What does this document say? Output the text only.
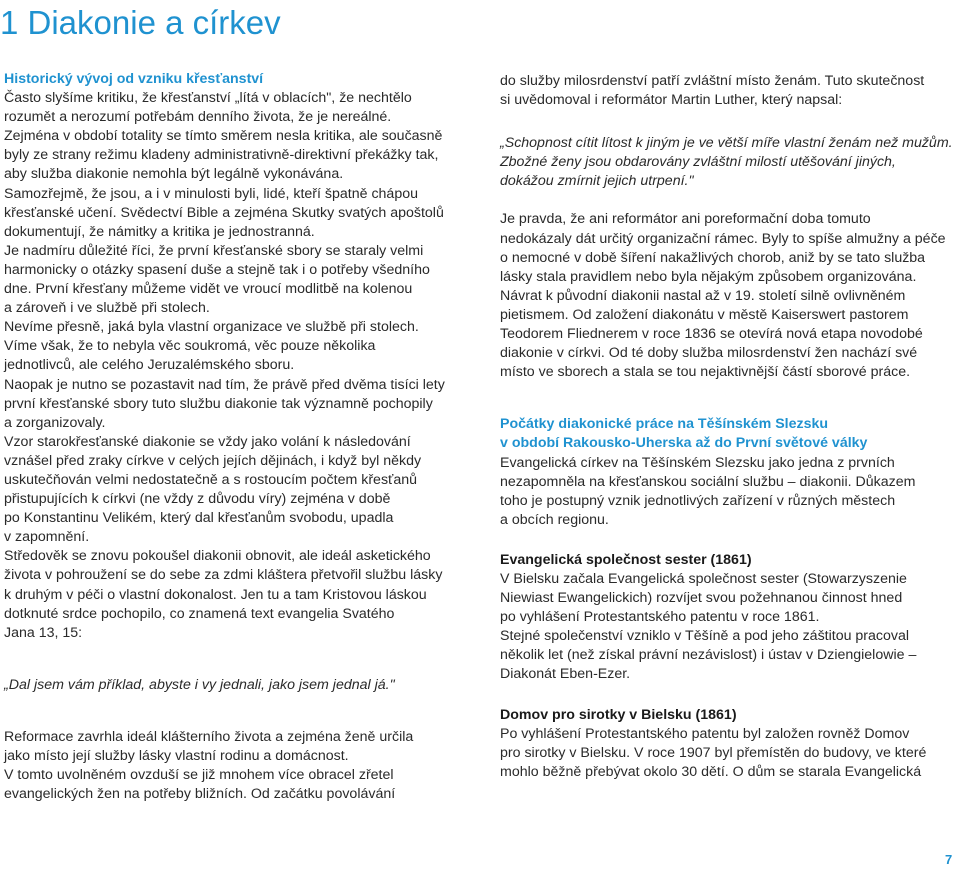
1 Diakonie a církev

Historický vývoj od vzniku křesťanství

Často slyšíme kritiku, že křesťanství „lítá v oblacích", že nechtělo

rozumět a nerozumí potřebám denního života, že je nereálné.

Zejména v období totality se tímto směrem nesla kritika, ale současně

byly ze strany režimu kladeny administrativně-direktivní překážky tak,

aby služba diakonie nemohla být legálně vykonávána.

Samozřejmě, že jsou, a i v minulosti byli, lidé, kteří špatně chápou

křesťanské učení. Svědectví Bible a zejména Skutky svatých apoštolů

dokumentují, že námitky a kritika je jednostranná.

Je nadmíru důležité říci, že první křesťanské sbory se staraly velmi

harmonicky o otázky spasení duše a stejně tak i o potřeby všedního

dne. První křesťany můžeme vidět ve vroucí modlitbě na kolenou

a zároveň i ve službě při stolech.

Nevíme přesně, jaká byla vlastní organizace ve službě při stolech.

Víme však, že to nebyla věc soukromá, věc pouze několika

jednotlivců, ale celého Jeruzalémského sboru.

Naopak je nutno se pozastavit nad tím, že právě před dvěma tisíci lety

první křesťanské sbory tuto službu diakonie tak významně pochopily

a zorganizovaly.

Vzor starokřesťanské diakonie se vždy jako volání k následování

vznášel před zraky církve v celých jejích dějinách, i když byl někdy

uskutečňován velmi nedostatečně a s rostoucím počtem křesťanů

přistupujících k církvi (ne vždy z důvodu víry) zejména v době

po Konstantinu Velikém, který dal křesťanům svobodu, upadla

v zapomnění.

Středověk se znovu pokoušel diakonii obnovit, ale ideál asketického

života v pohroužení se do sebe za zdmi kláštera přetvořil službu lásky

k druhým v péči o vlastní dokonalost. Jen tu a tam Kristovou láskou

dotknuté srdce pochopilo, co znamená text evangelia Svatého

Jana 13, 15:

„Dal jsem vám příklad, abyste i vy jednali, jako jsem jednal já."

Reformace zavrhla ideál klášterního života a zejména ženě určila

jako místo její služby lásky vlastní rodinu a domácnost.

V tomto uvolněném ovzduší se již mnohem více obracel zřetel

evangelických žen na potřeby bližních. Od začátku povolávání

do služby milosrdenství patří zvláštní místo ženám. Tuto skutečnost

si uvědomoval i reformátor Martin Luther, který napsal:

„Schopnost cítit lítost k jiným je ve větší míře vlastní ženám než mužům.

Zbožné ženy jsou obdarovány zvláštní milostí utěšování jiných,

dokážou zmírnit jejich utrpení."

Je pravda, že ani reformátor ani poreformační doba tomuto

nedokázaly dát určitý organizační rámec. Byly to spíše almužny a péče

o nemocné v době šíření nakažlivých chorob, aniž by se tato služba

lásky stala pravidlem nebo byla nějakým způsobem organizována.

Návrat k původní diakonii nastal až v 19. století silně ovlivněném

pietismem. Od založení diakonátu v městě Kaiserswert pastorem

Teodorem Fliednerem v roce 1836 se otevírá nová etapa novodobé

diakonie v církvi. Od té doby služba milosrdenství žen nachází své

místo ve sborech a stala se tou nejaktivnější částí sborové práce.

Počátky diakonické práce na Těšínském Slezsku

v období Rakousko-Uherska až do První světové války

Evangelická církev na Těšínském Slezsku jako jedna z prvních

nezapomněla na křesťanskou sociální službu – diakonii. Důkazem

toho je postupný vznik jednotlivých zařízení v různých městech

a obcích regionu.

Evangelická společnost sester (1861)

V Bielsku začala Evangelická společnost sester (Stowarzyszenie

Niewiast Ewangelickich) rozvíjet svou požehnanou činnost hned

po vyhlášení Protestantského patentu v roce 1861.

Stejné společenství vzniklo v Těšíně a pod jeho záštitou pracoval

několik let (než získal právní nezávislost) i ústav v Dziengielowie –

Diakonát Eben-Ezer.

Domov pro sirotky v Bielsku (1861)

Po vyhlášení Protestantského patentu byl založen rovněž Domov

pro sirotky v Bielsku. V roce 1907 byl přemístěn do budovy, ve které

mohlo běžně přebývat okolo 30 dětí. O dům se starala Evangelická

7
